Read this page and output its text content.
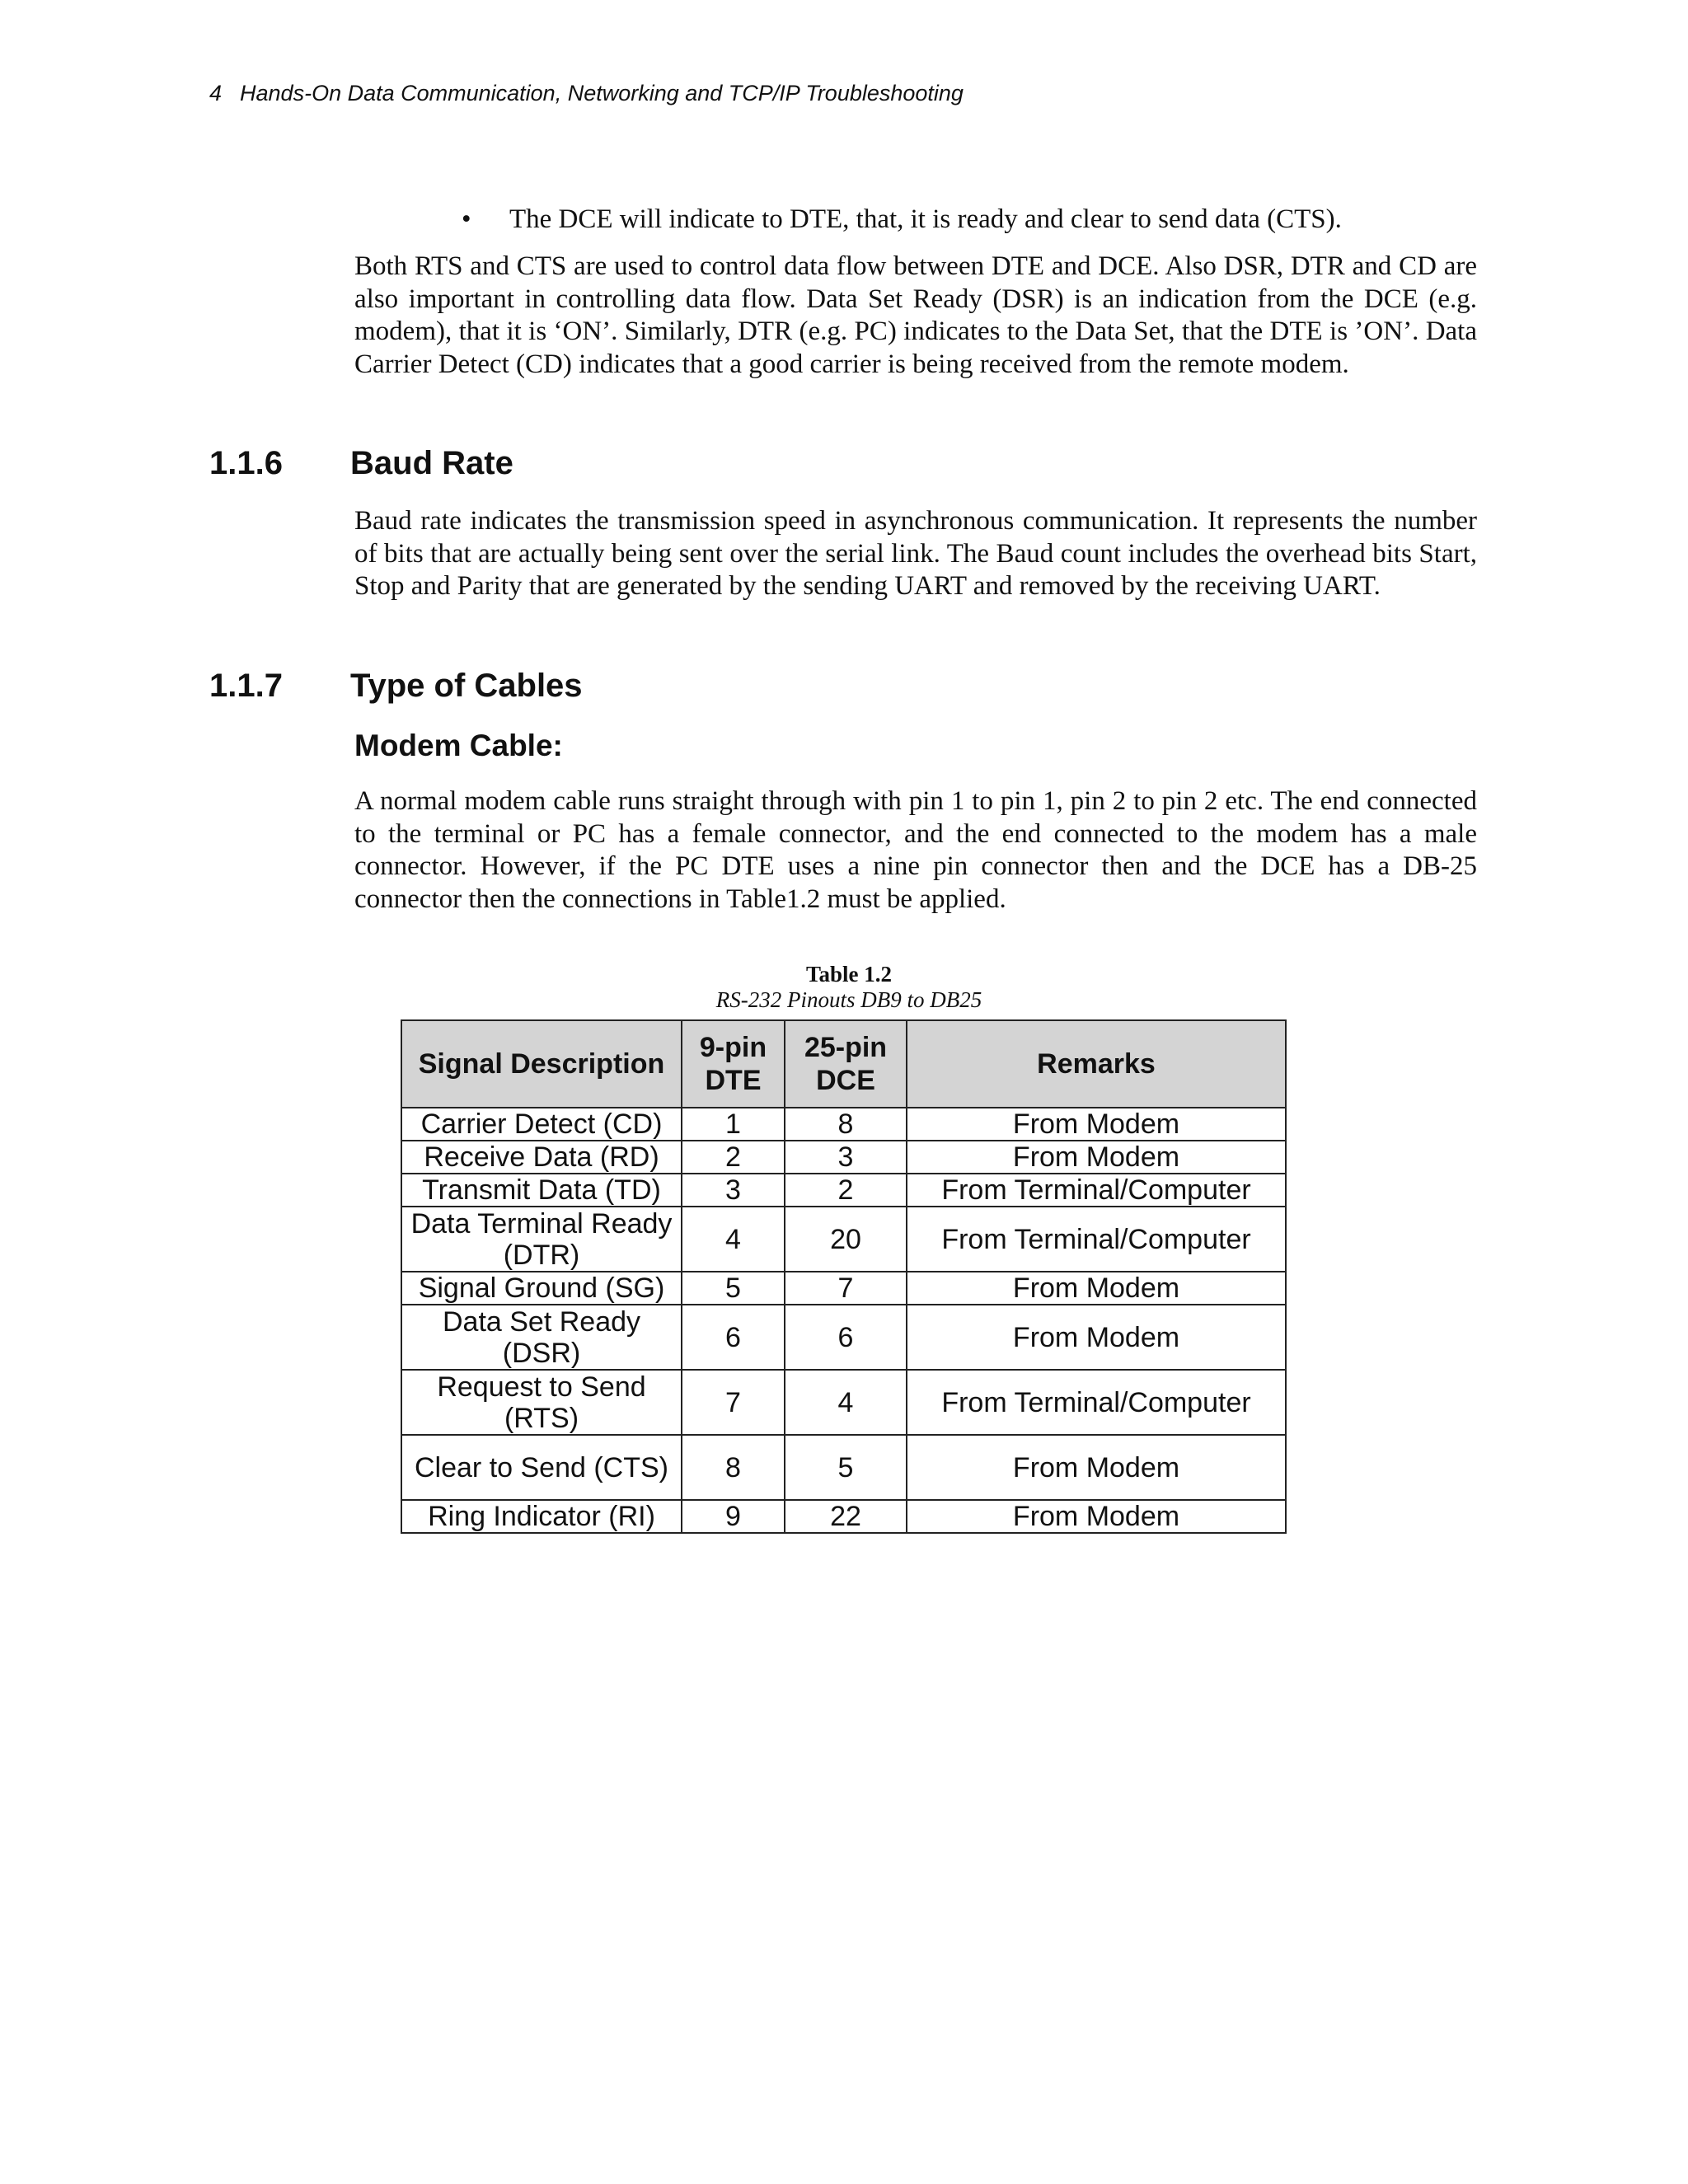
4 Hands-On Data Communication, Networking and TCP/IP Troubleshooting
• The DCE will indicate to DTE, that, it is ready and clear to send data (CTS).

Both RTS and CTS are used to control data flow between DTE and DCE. Also DSR, DTR and CD are also important in controlling data flow. Data Set Ready (DSR) is an indication from the DCE (e.g. modem), that it is ‘ON’. Similarly, DTR (e.g. PC) indicates to the Data Set, that the DTE is ’ON’. Data Carrier Detect (CD) indicates that a good carrier is being received from the remote modem.

1.1.6 Baud Rate

Baud rate indicates the transmission speed in asynchronous communication. It represents the number of bits that are actually being sent over the serial link. The Baud count includes the overhead bits Start, Stop and Parity that are generated by the sending UART and removed by the receiving UART.

1.1.7 Type of Cables
Modem Cable:

A normal modem cable runs straight through with pin 1 to pin 1, pin 2 to pin 2 etc. The end connected to the terminal or PC has a female connector, and the end connected to the modem has a male connector. However, if the PC DTE uses a nine pin connector then and the DCE has a DB-25 connector then the connections in Table1.2 must be applied.

Table 1.2
RS-232 Pinouts DB9 to DB25
Signal Description	9-pin DTE	25-pin DCE	Remarks
Carrier Detect (CD)	1	8	From Modem
Receive Data (RD)	2	3	From Modem
Transmit Data (TD)	3	2	From Terminal/Computer
Data Terminal Ready (DTR)	4	20	From Terminal/Computer
Signal Ground (SG)	5	7	From Modem
Data Set Ready (DSR)	6	6	From Modem
Request to Send (RTS)	7	4	From Terminal/Computer
Clear to Send (CTS)	8	5	From Modem
Ring Indicator (RI)	9	22	From Modem
